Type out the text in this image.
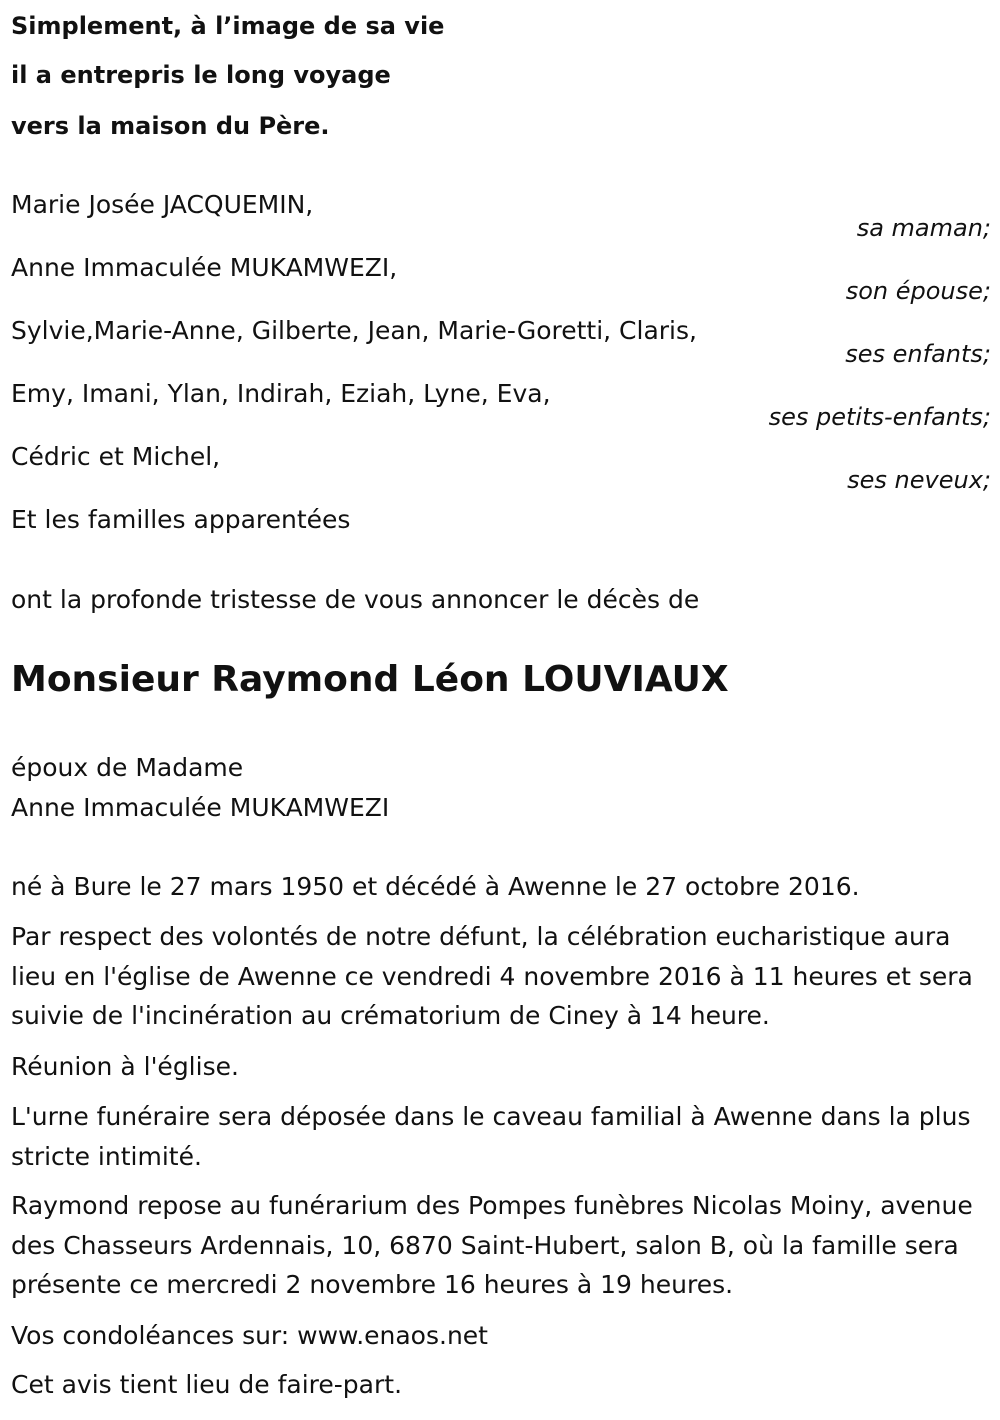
Simplement, à l’image de sa vie
il a entrepris le long voyage
vers la maison du Père.
Marie Josée JACQUEMIN,
sa maman;
Anne Immaculée MUKAMWEZI,
son épouse;
Sylvie,Marie-Anne, Gilberte, Jean, Marie-Goretti, Claris,
ses enfants;
Emy, Imani, Ylan, Indirah, Eziah, Lyne, Eva,
ses petits-enfants;
Cédric et Michel,
ses neveux;
Et les familles apparentées
ont la profonde tristesse de vous annoncer le décès de
Monsieur Raymond Léon LOUVIAUX
époux de Madame
Anne Immaculée MUKAMWEZI
né à Bure le 27 mars 1950 et décédé à Awenne le 27 octobre 2016.
Par respect des volontés de notre défunt, la célébration eucharistique aura lieu en l'église de Awenne ce vendredi 4 novembre 2016 à 11 heures et sera suivie de l'incinération au crématorium de Ciney à 14 heure.
Réunion à l'église.
L'urne funéraire sera déposée dans le caveau familial à Awenne dans la plus stricte intimité.
Raymond repose au funérarium des Pompes funèbres Nicolas Moiny, avenue des Chasseurs Ardennais, 10, 6870 Saint-Hubert, salon B, où la famille sera présente ce mercredi 2 novembre 16 heures à 19 heures.
Vos condoléances sur: www.enaos.net
Cet avis tient lieu de faire-part.
